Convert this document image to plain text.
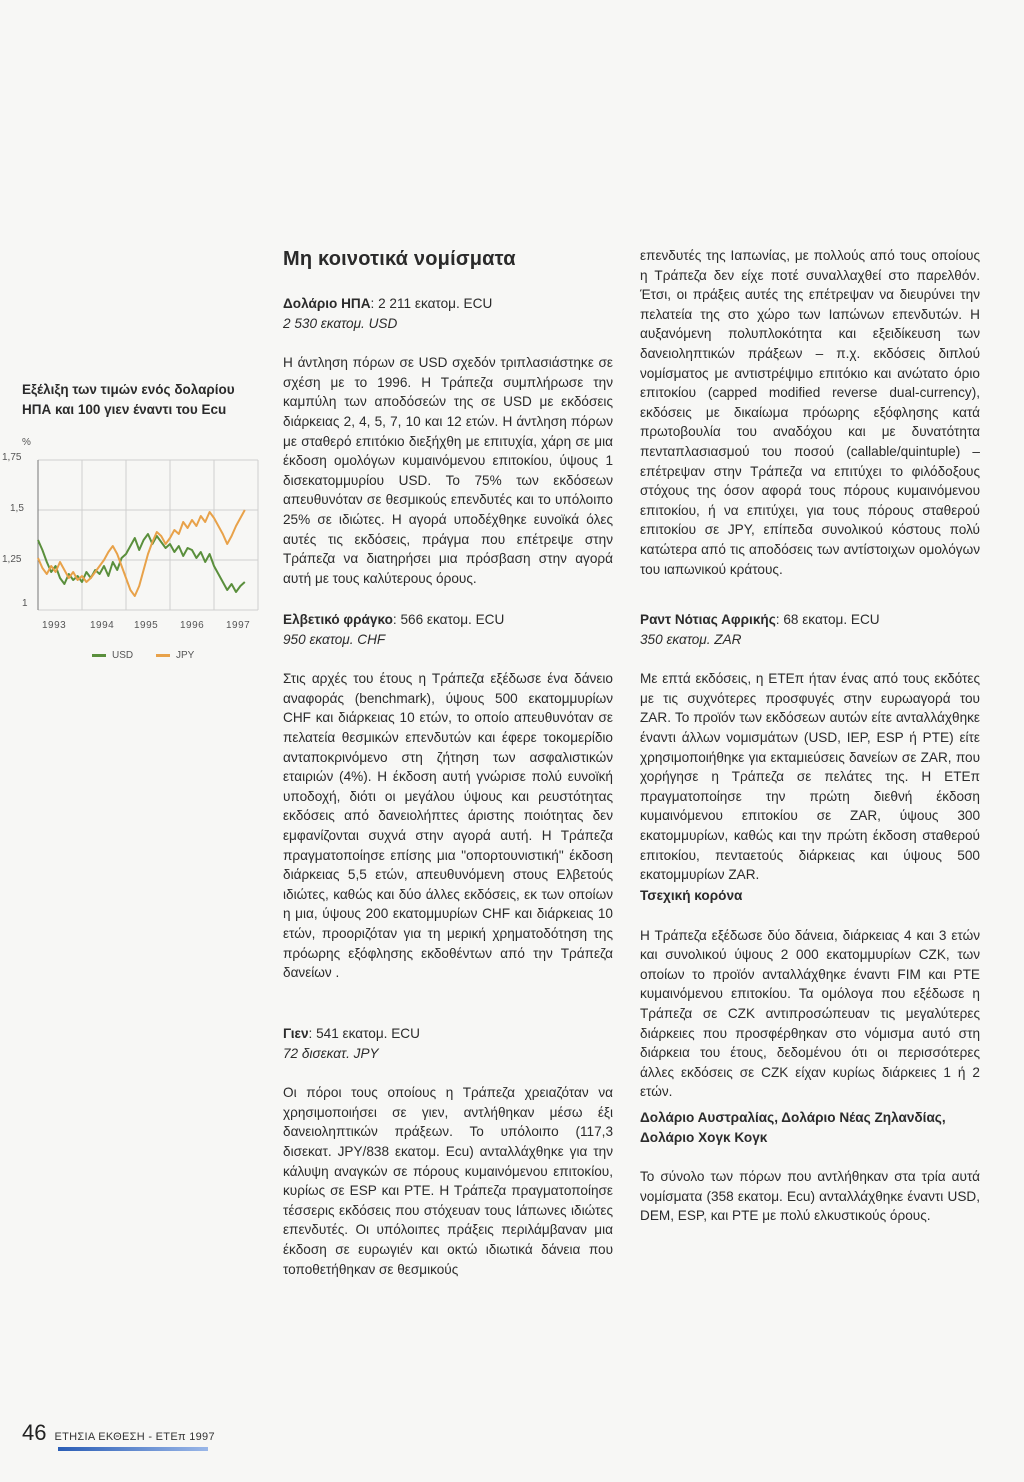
Εξέλιξη των τιμών ενός δολαρίου ΗΠΑ και 100 γιεν έναντι του Ecu
%
1,75
1,5
1,25
1
1993 1994 1995 1996 1997
USD	JPY
Μη κοινοτικά νομίσματα

Δολάριο ΗΠΑ: 2 211 εκατομ. ECU

2 530 εκατομ. USD

Η άντληση πόρων σε USD σχεδόν τριπλασιάστηκε σε σχέση με το 1996. Η Τράπεζα συμπλήρωσε την καμπύλη των αποδόσεών της σε USD με εκδόσεις διάρκειας 2, 4, 5, 7, 10 και 12 ετών. Η άντληση πόρων με σταθερό επιτόκιο διεξήχθη με επιτυχία, χάρη σε μια έκδοση ομολόγων κυμαινόμενου επιτοκίου, ύψους 1 δισεκατομμυρίου USD. Το 75% των εκδόσεων απευθυνόταν σε θεσμικούς επενδυτές και το υπόλοιπο 25% σε ιδιώτες. Η αγορά υποδέχθηκε ευνοϊκά όλες αυτές τις εκδόσεις, πράγμα που επέτρεψε στην Τράπεζα να διατηρήσει μια πρόσβαση στην αγορά αυτή με τους καλύτερους όρους.

Ελβετικό φράγκο: 566 εκατομ. ECU

950 εκατομ. CHF

Στις αρχές του έτους η Τράπεζα εξέδωσε ένα δάνειο αναφοράς (benchmark), ύψους 500 εκατομμυρίων CHF και διάρκειας 10 ετών, το οποίο απευθυνόταν σε πελατεία θεσμικών επενδυτών και έφερε τοκομερίδιο ανταποκρινόμενο στη ζήτηση των ασφαλιστικών εταιριών (4%). Η έκδοση αυτή γνώρισε πολύ ευνοϊκή υποδοχή, διότι οι μεγάλου ύψους και ρευστότητας εκδόσεις από δανειολήπτες άριστης ποιότητας δεν εμφανίζονται συχνά στην αγορά αυτή. Η Τράπεζα πραγματοποίησε επίσης μια "οπορτουνιστική" έκδοση διάρκειας 5,5 ετών, απευθυνόμενη στους Ελβετούς ιδιώτες, καθώς και δύο άλλες εκδόσεις, εκ των οποίων η μια, ύψους 200 εκατομμυρίων CHF και διάρκειας 10 ετών, προοριζόταν για τη μερική χρηματοδότηση της πρόωρης εξόφλησης εκδοθέντων από την Τράπεζα δανείων .

Γιεν: 541 εκατομ. ECU

72 δισεκατ. JPY

Οι πόροι τους οποίους η Τράπεζα χρειαζόταν να χρησιμοποιήσει σε γιεν, αντλήθηκαν μέσω έξι δανειοληπτικών πράξεων. Το υπόλοιπο (117,3 δισεκατ. JPY/838 εκατομ. Ecu) ανταλλάχθηκε για την κάλυψη αναγκών σε πόρους κυμαινόμενου επιτοκίου, κυρίως σε ESP και PTE. Η Τράπεζα πραγματοποίησε τέσσερις εκδόσεις που στόχευαν τους Ιάπωνες ιδιώτες επενδυτές. Οι υπόλοιπες πράξεις περιλάμβαναν μια έκδοση σε ευρωγιέν και οκτώ ιδιωτικά δάνεια που τοποθετήθηκαν σε θεσμικούς

επενδυτές της Ιαπωνίας, με πολλούς από τους οποίους η Τράπεζα δεν είχε ποτέ συναλλαχθεί στο παρελθόν. Έτσι, οι πράξεις αυτές της επέτρεψαν να διευρύνει την πελατεία της στο χώρο των Ιαπώνων επενδυτών. Η αυξανόμενη πολυπλοκότητα και εξειδίκευση των δανειοληπτικών πράξεων – π.χ. εκδόσεις διπλού νομίσματος με αντιστρέψιμο επιτόκιο και ανώτατο όριο επιτοκίου (capped modified reverse dual-currency), εκδόσεις με δικαίωμα πρόωρης εξόφλησης κατά πρωτοβουλία του αναδόχου και με δυνατότητα πενταπλασιασμού του ποσού (callable/quintuple) – επέτρεψαν στην Τράπεζα να επιτύχει το φιλόδοξους στόχους της όσον αφορά τους πόρους κυμαινόμενου επιτοκίου, ή να επιτύχει, για τους πόρους σταθερού επιτοκίου σε JPY, επίπεδα συνολικού κόστους πολύ κατώτερα από τις αποδόσεις των αντίστοιχων ομολόγων του ιαπωνικού κράτους.

Ραντ Νότιας Αφρικής: 68 εκατομ. ECU

350 εκατομ. ZAR

Με επτά εκδόσεις, η ΕΤΕπ ήταν ένας από τους εκδότες με τις συχνότερες προσφυγές στην ευρωαγορά του ZAR. Το προϊόν των εκδόσεων αυτών είτε ανταλλάχθηκε έναντι άλλων νομισμάτων (USD, IEP, ESP ή PTE) είτε χρησιμοποιήθηκε για εκταμιεύσεις δανείων σε ZAR, που χορήγησε η Τράπεζα σε πελάτες της. Η ΕΤΕπ πραγματοποίησε την πρώτη διεθνή έκδοση κυμαινόμενου επιτοκίου σε ZAR, ύψους 300 εκατομμυρίων, καθώς και την πρώτη έκδοση σταθερού επιτοκίου, πενταετούς διάρκειας και ύψους 500 εκατομμυρίων ZAR.

Τσεχική κορόνα

Η Τράπεζα εξέδωσε δύο δάνεια, διάρκειας 4 και 3 ετών και συνολικού ύψους 2 000 εκατομμυρίων CZK, των οποίων το προϊόν ανταλλάχθηκε έναντι FIM και PTE κυμαινόμενου επιτοκίου. Τα ομόλογα που εξέδωσε η Τράπεζα σε CZK αντιπροσώπευαν τις μεγαλύτερες διάρκειες που προσφέρθηκαν στο νόμισμα αυτό στη διάρκεια του έτους, δεδομένου ότι οι περισσότερες άλλες εκδόσεις σε CZK είχαν κυρίως διάρκειες 1 ή 2 ετών.

Δολάριο Αυστραλίας, Δολάριο Νέας Ζηλανδίας, Δολάριο Χογκ Κογκ

Το σύνολο των πόρων που αντλήθηκαν στα τρία αυτά νομίσματα (358 εκατομ. Ecu) ανταλλάχθηκε έναντι USD, DEM, ESP, και PTE με πολύ ελκυστικούς όρους.

46 ΕΤΗΣΙΑ ΕΚΘΕΣΗ - ΕΤΕπ 1997
